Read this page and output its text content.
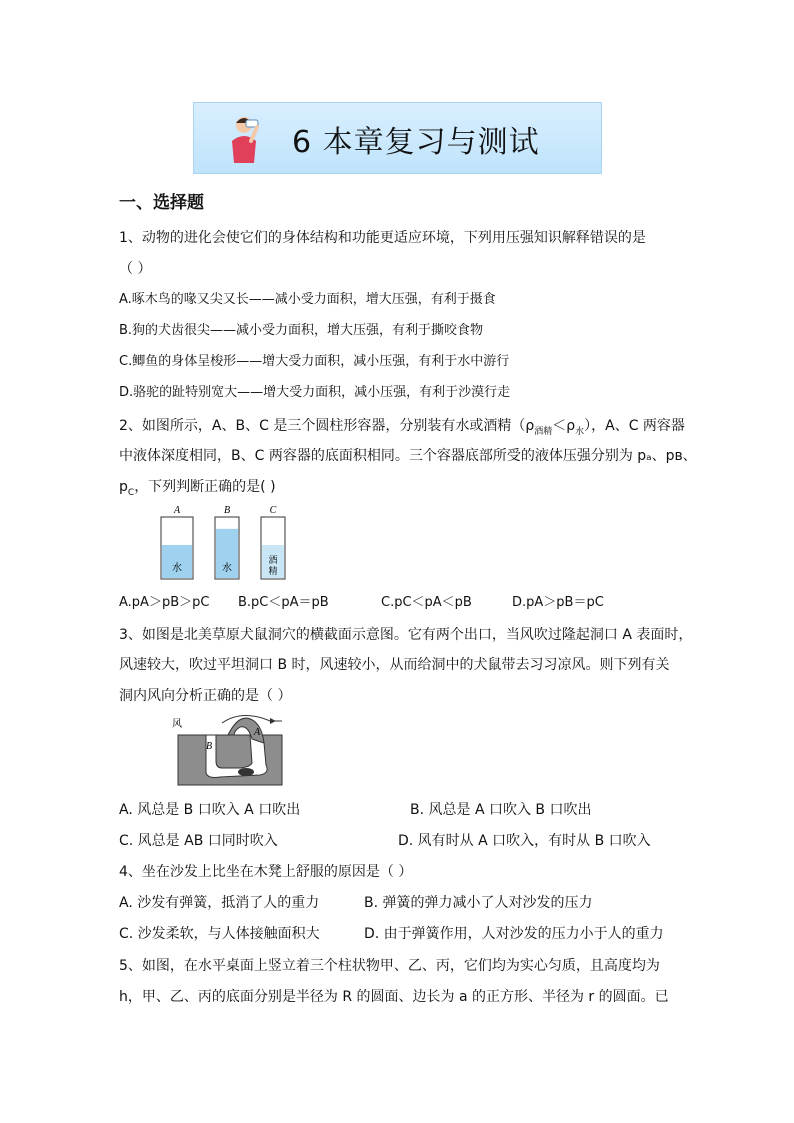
6 本章复习与测试
一、选择题
1、动物的进化会使它们的身体结构和功能更适应环境，下列用压强知识解释错误的是
（ ）
A.啄木鸟的喙又尖又长——减小受力面积，增大压强，有利于摄食
B.狗的犬齿很尖——减小受力面积，增大压强，有利于撕咬食物
C.鲫鱼的身体呈梭形——增大受力面积，减小压强，有利于水中游行
D.骆驼的趾特别宽大——增大受力面积，减小压强，有利于沙漠行走
2、如图所示，A、B、C 是三个圆柱形容器，分别装有水或酒精$(\rho_{酒精}<\rho_水)$，A、C 两容器
中液体深度相同，B、C 两容器的底面积相同。三个容器底部所受的液体压强分别为 pₐ、pʙ、
$p_C$，下列判断正确的是( )
A
水
B
水
C
酒
精
A.pA＞pB＞pC B.pC＜pA＝pB	C.pC＜pA＜pB	D.pA＞pB＝pC
3、如图是北美草原犬鼠洞穴的横截面示意图。它有两个出口，当风吹过隆起洞口 A 表面时，
风速较大，吹过平坦洞口 B 时，风速较小，从而给洞中的犬鼠带去习习凉风。则下列有关
洞内风向分析正确的是（ ）
风
B
A
A. 风总是 B 口吹入 A 口吹出	B. 风总是 A 口吹入 B 口吹出
C. 风总是 AB 口同时吹入	D. 风有时从 A 口吹入，有时从 B 口吹入
4、坐在沙发上比坐在木凳上舒服的原因是（ ）
A. 沙发有弹簧，抵消了人的重力	B. 弹簧的弹力减小了人对沙发的压力
C. 沙发柔软，与人体接触面积大	D. 由于弹簧作用，人对沙发的压力小于人的重力
5、如图，在水平桌面上竖立着三个柱状物甲、乙、丙，它们均为实心匀质，且高度均为
h，甲、乙、丙的底面分别是半径为 R 的圆面、边长为 a 的正方形、半径为 r 的圆面。已
